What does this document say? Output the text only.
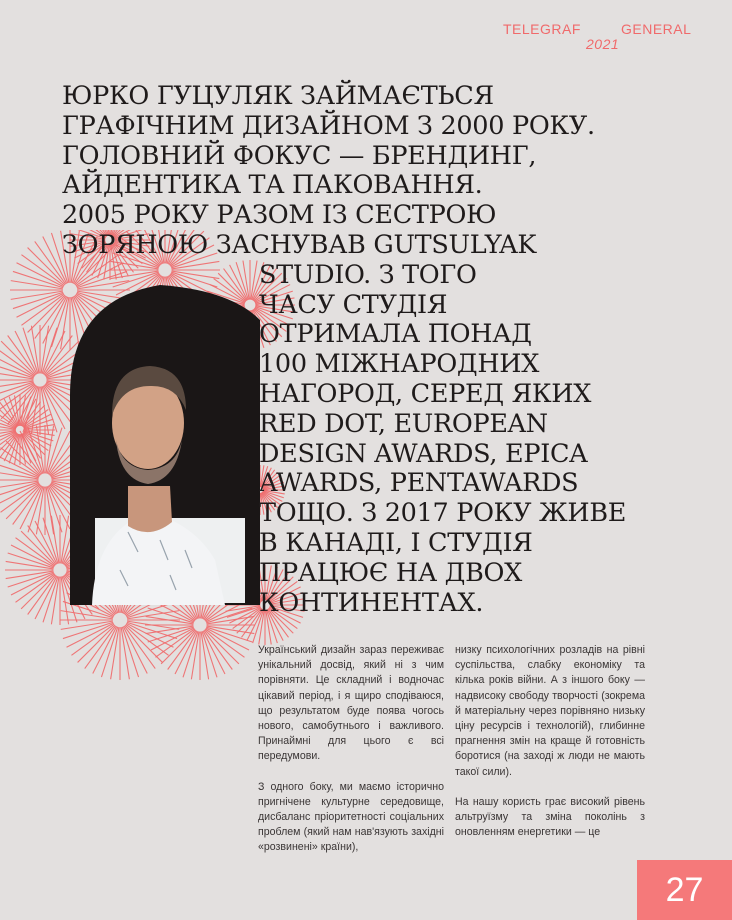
TELEGRAF
2021
GENERAL
ЮРКО ГУЦУЛЯК ЗАЙМАЄТЬСЯ
ГРАФІЧНИМ ДИЗАЙНОМ З 2000 РОКУ.
ГОЛОВНИЙ ФОКУС — БРЕНДИНГ,
АЙДЕНТИКА ТА ПАКОВАННЯ.
2005 РОКУ РАЗОМ ІЗ СЕСТРОЮ
ЗОРЯНОЮ ЗАСНУВАВ GUTSULYAK
STUDIO. З ТОГО
ЧАСУ СТУДІЯ
ОТРИМАЛА ПОНАД
100 МІЖНАРОДНИХ
НАГОРОД, СЕРЕД ЯКИХ
RED DOT, EUROPEAN
DESIGN AWARDS, EPICA
AWARDS, PENTAWARDS
ТОЩО. З 2017 РОКУ ЖИВЕ
В КАНАДІ, І СТУДІЯ
ПРАЦЮЄ НА ДВОХ
КОНТИНЕНТАХ.

Український дизайн зараз переживає унікальний досвід, який ні з чим порівняти. Це складний і водночас цікавий період, і я щиро сподіваюся, що результатом буде поява чогось нового, самобутнього і важливого. Принаймні для цього є всі передумови.

З одного боку, ми маємо історично пригнічене культурне середовище, дисбаланс пріоритетності соціальних проблем (який нам нав'язують західні «розвинені» країни),

низку психологічних розладів на рівні суспільства, слабку економіку та кілька років війни. А з іншого боку — надвисоку свободу творчості (зокрема й матеріальну через порівняно низьку ціну ресурсів і технологій), глибинне прагнення змін на краще й готовність боротися (на заході ж люди не мають такої сили).

На нашу користь грає високий рівень альтруїзму та зміна поколінь з оновленням енергетики — це

27
